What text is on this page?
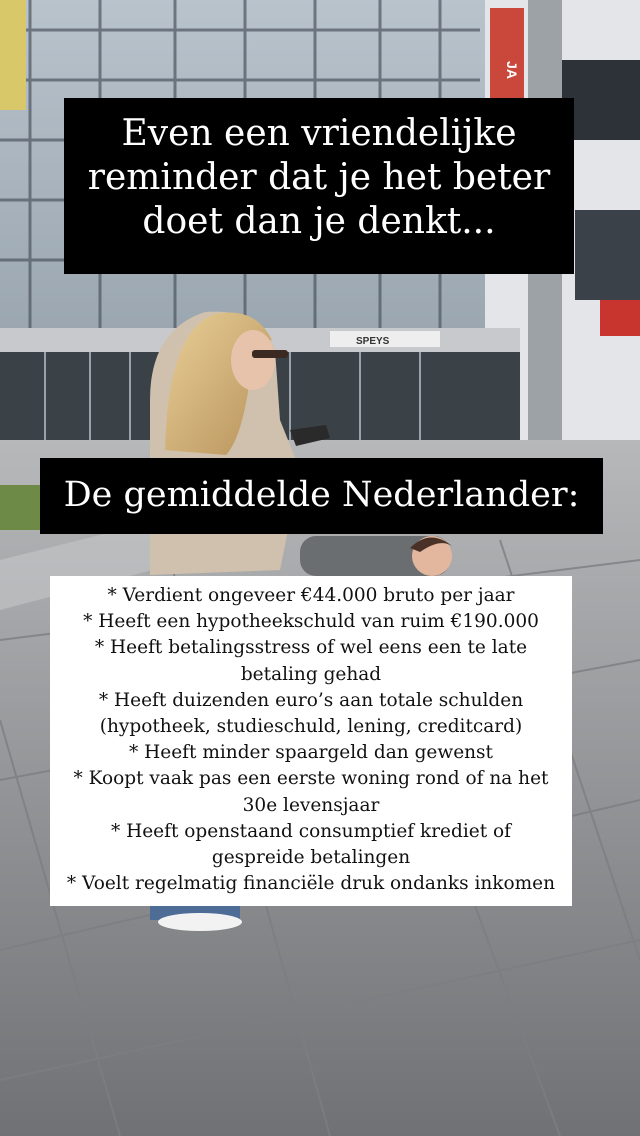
JA
SPEYS
Even een vriendelijke
reminder dat je het beter
doet dan je denkt...
De gemiddelde Nederlander:
* Verdient ongeveer €44.000 bruto per jaar
* Heeft een hypotheekschuld van ruim €190.000
* Heeft betalingsstress of wel eens een te late
betaling gehad
* Heeft duizenden euro’s aan totale schulden
(hypotheek, studieschuld, lening, creditcard)
* Heeft minder spaargeld dan gewenst
* Koopt vaak pas een eerste woning rond of na het
30e levensjaar
* Heeft openstaand consumptief krediet of
gespreide betalingen
* Voelt regelmatig financiële druk ondanks inkomen
